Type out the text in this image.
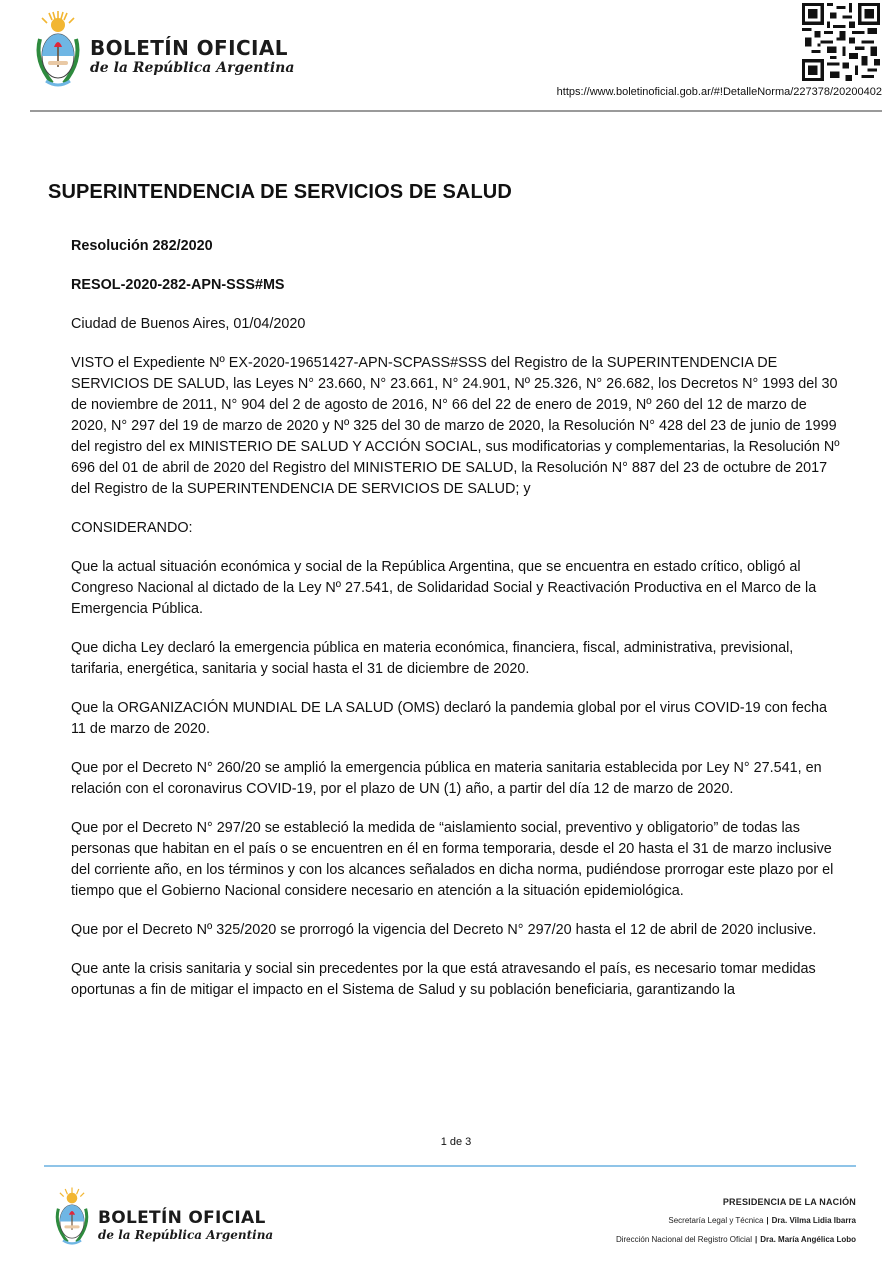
BOLETÍN OFICIAL

de la República Argentina

https://www.boletinoficial.gob.ar/#!DetalleNorma/227378/20200402

SUPERINTENDENCIA DE SERVICIOS DE SALUD

Resolución 282/2020

RESOL-2020-282-APN-SSS#MS

Ciudad de Buenos Aires, 01/04/2020

VISTO el Expediente Nº EX-2020-19651427-APN-SCPASS#SSS del Registro de la SUPERINTENDENCIA DE SERVICIOS DE SALUD, las Leyes N° 23.660, N° 23.661, N° 24.901, Nº 25.326, N° 26.682, los Decretos N° 1993 del 30 de noviembre de 2011, N° 904 del 2 de agosto de 2016, N° 66 del 22 de enero de 2019, Nº 260 del 12 de marzo de 2020, N° 297 del 19 de marzo de 2020 y Nº 325 del 30 de marzo de 2020, la Resolución N° 428 del 23 de junio de 1999 del registro del ex MINISTERIO DE SALUD Y ACCIÓN SOCIAL, sus modificatorias y complementarias, la Resolución Nº 696 del 01 de abril de 2020 del Registro del MINISTERIO DE SALUD, la Resolución N° 887 del 23 de octubre de 2017 del Registro de la SUPERINTENDENCIA DE SERVICIOS DE SALUD; y

CONSIDERANDO:

Que la actual situación económica y social de la República Argentina, que se encuentra en estado crítico, obligó al Congreso Nacional al dictado de la Ley Nº 27.541, de Solidaridad Social y Reactivación Productiva en el Marco de la Emergencia Pública.

Que dicha Ley declaró la emergencia pública en materia económica, financiera, fiscal, administrativa, previsional, tarifaria, energética, sanitaria y social hasta el 31 de diciembre de 2020.

Que la ORGANIZACIÓN MUNDIAL DE LA SALUD (OMS) declaró la pandemia global por el virus COVID-19 con fecha 11 de marzo de 2020.

Que por el Decreto N° 260/20 se amplió la emergencia pública en materia sanitaria establecida por Ley N° 27.541, en relación con el coronavirus COVID-19, por el plazo de UN (1) año, a partir del día 12 de marzo de 2020.

Que por el Decreto N° 297/20 se estableció la medida de “aislamiento social, preventivo y obligatorio” de todas las personas que habitan en el país o se encuentren en él en forma temporaria, desde el 20 hasta el 31 de marzo inclusive del corriente año, en los términos y con los alcances señalados en dicha norma, pudiéndose prorrogar este plazo por el tiempo que el Gobierno Nacional considere necesario en atención a la situación epidemiológica.

Que por el Decreto Nº 325/2020 se prorrogó la vigencia del Decreto N° 297/20 hasta el 12 de abril de 2020 inclusive.

Que ante la crisis sanitaria y social sin precedentes por la que está atravesando el país, es necesario tomar medidas oportunas a fin de mitigar el impacto en el Sistema de Salud y su población beneficiaria, garantizando la

1 de 3

BOLETÍN OFICIAL

de la República Argentina

PRESIDENCIA DE LA NACIÓN

Secretaría Legal y Técnica | Dra. Vilma Lidia Ibarra

Dirección Nacional del Registro Oficial | Dra. María Angélica Lobo
